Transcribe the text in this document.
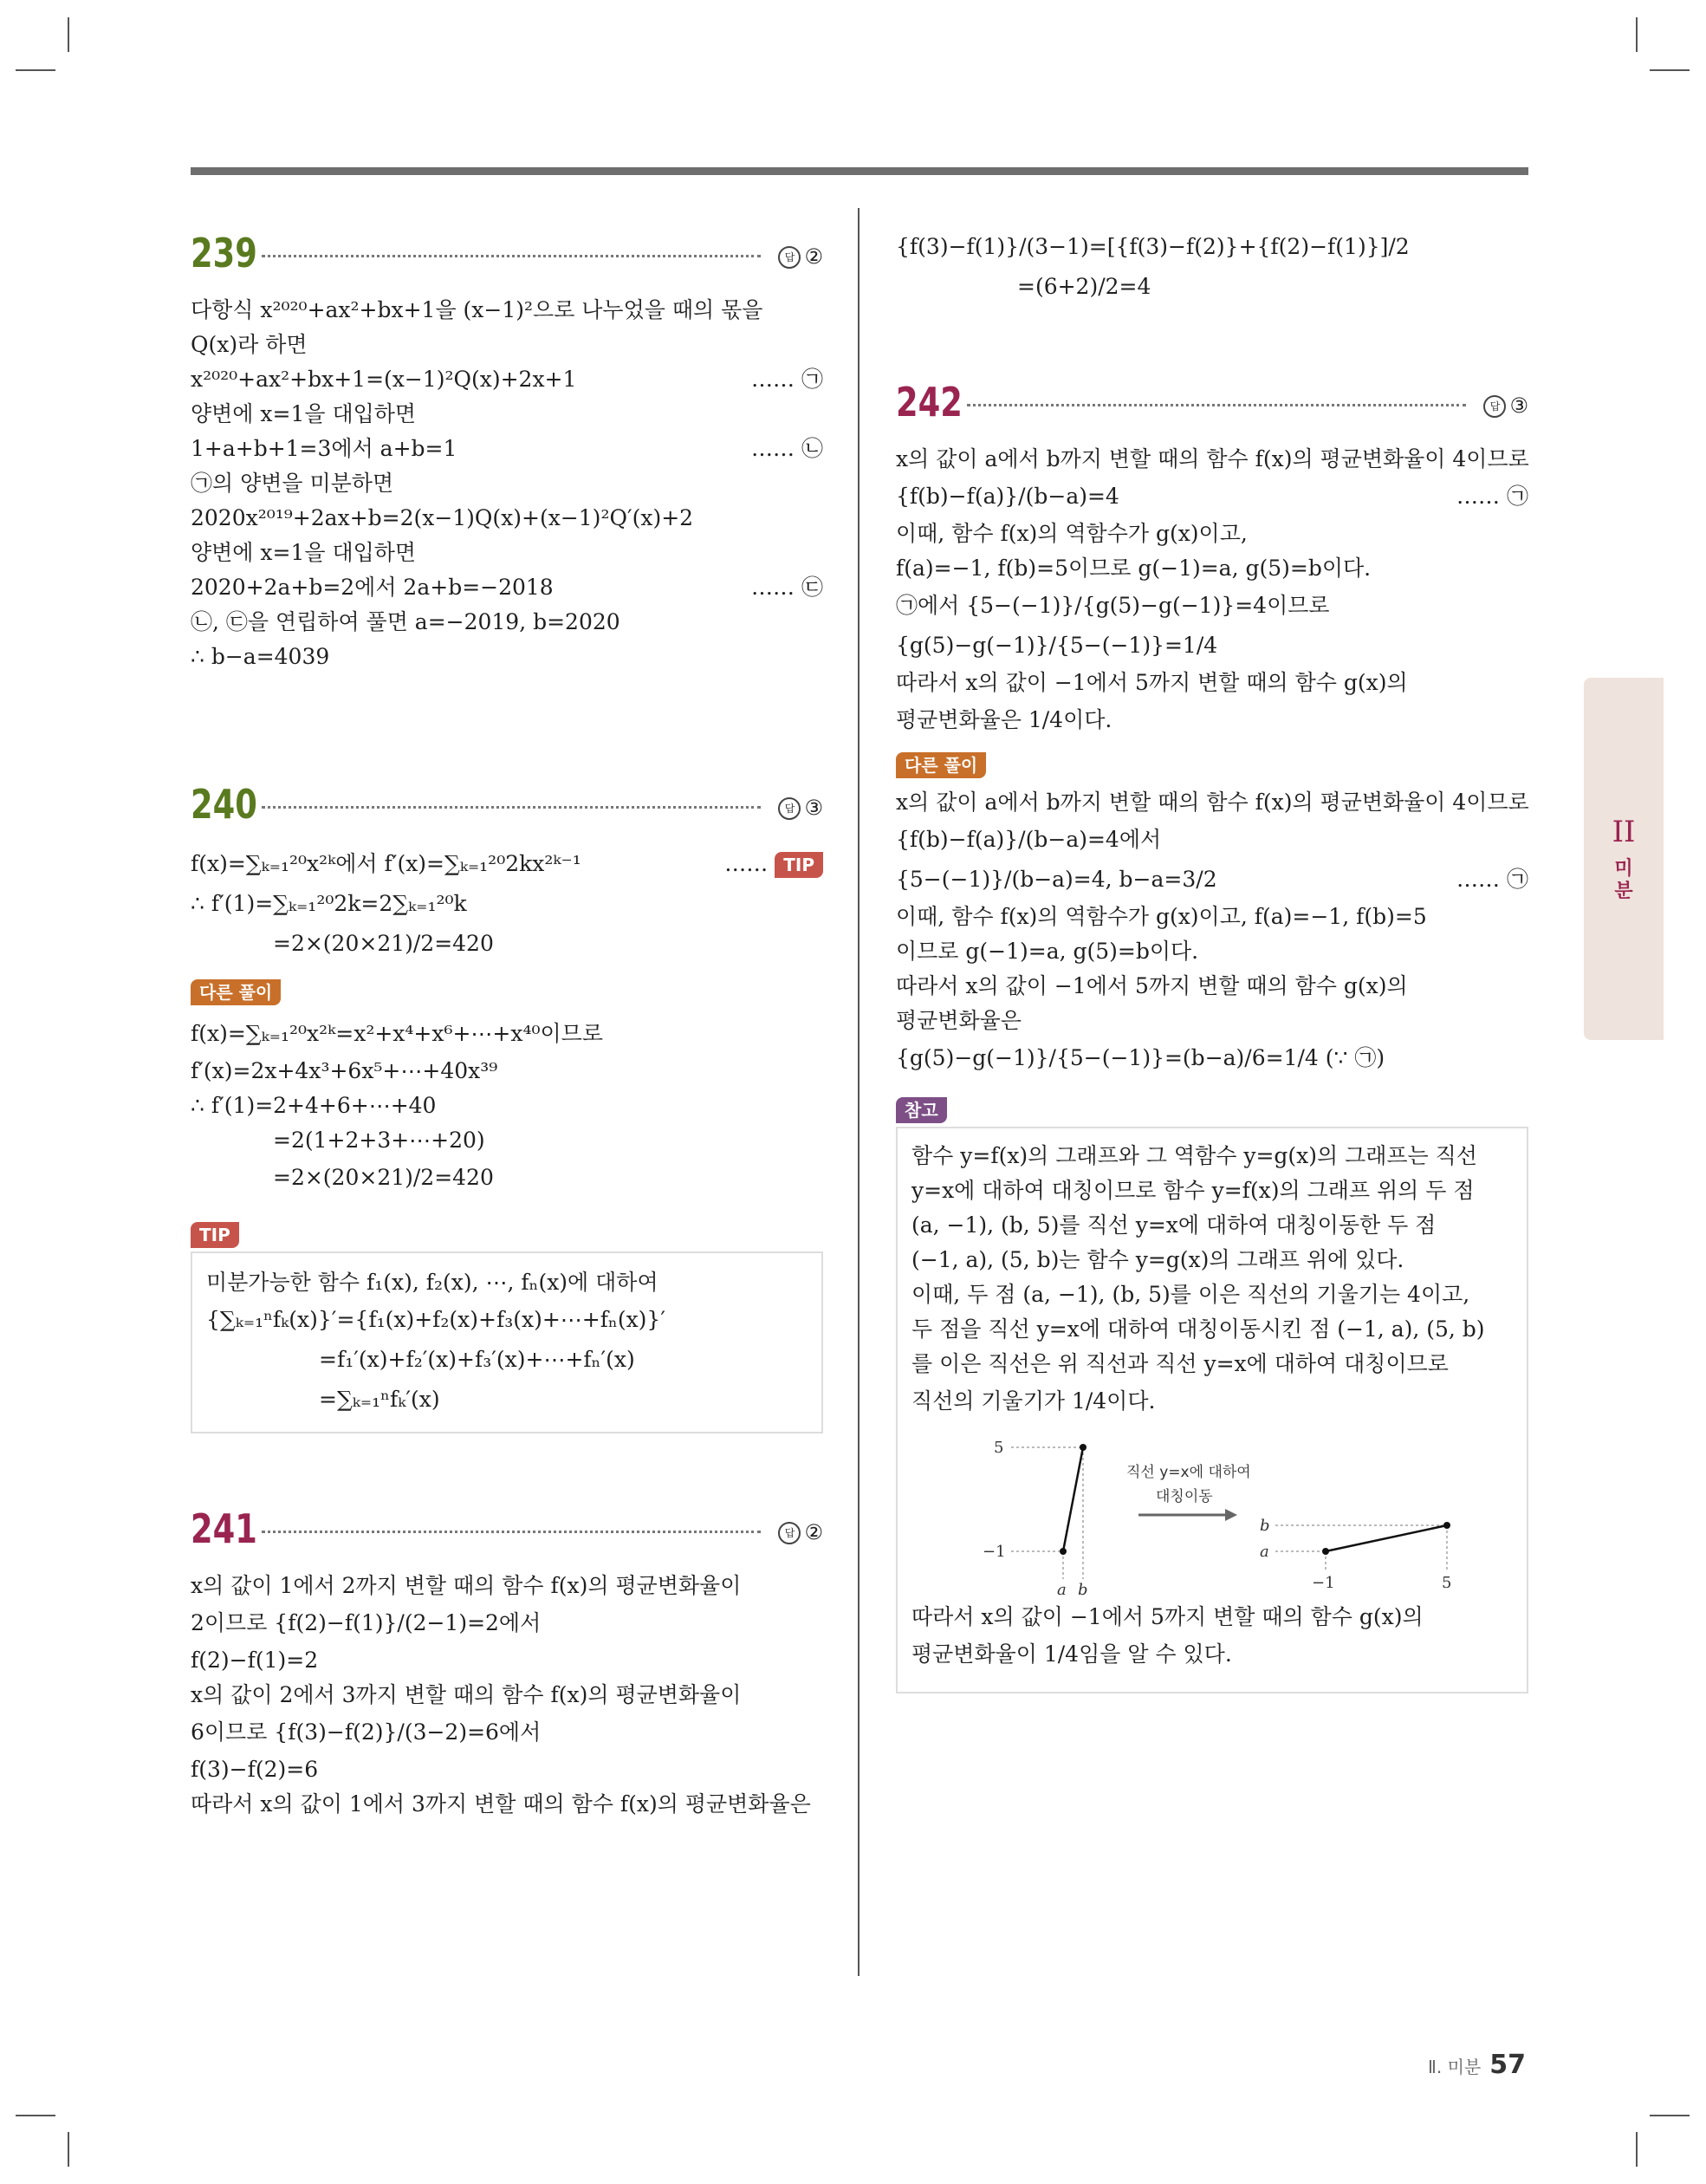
239	답 ②
다항식 x²⁰²⁰+ax²+bx+1을 (x−1)²으로 나누었을 때의 몫을
Q(x)라 하면
x²⁰²⁰+ax²+bx+1=(x−1)²Q(x)+2x+1	…… ㉠
양변에 x=1을 대입하면
1+a+b+1=3에서 a+b=1	…… ㉡
㉠의 양변을 미분하면
2020x²⁰¹⁹+2ax+b=2(x−1)Q(x)+(x−1)²Q′(x)+2
양변에 x=1을 대입하면
2020+2a+b=2에서 2a+b=−2018	…… ㉢
㉡, ㉢을 연립하여 풀면 a=−2019, b=2020
∴ b−a=4039
240	답 ③
f(x)=∑ₖ₌₁²⁰x²ᵏ에서 f′(x)=∑ₖ₌₁²⁰2kx²ᵏ⁻¹	…… TIP
∴ f′(1)=∑ₖ₌₁²⁰2k=2∑ₖ₌₁²⁰k
=2×(20×21)/2=420
다른 풀이
f(x)=∑ₖ₌₁²⁰x²ᵏ=x²+x⁴+x⁶+⋯+x⁴⁰이므로
f′(x)=2x+4x³+6x⁵+⋯+40x³⁹
∴ f′(1)=2+4+6+⋯+40
=2(1+2+3+⋯+20)
=2×(20×21)/2=420
TIP
미분가능한 함수 f₁(x), f₂(x), ⋯, fₙ(x)에 대하여
{∑ₖ₌₁ⁿfₖ(x)}′={f₁(x)+f₂(x)+f₃(x)+⋯+fₙ(x)}′
=f₁′(x)+f₂′(x)+f₃′(x)+⋯+fₙ′(x)
=∑ₖ₌₁ⁿfₖ′(x)
241	답 ②
x의 값이 1에서 2까지 변할 때의 함수 f(x)의 평균변화율이
2이므로 {f(2)−f(1)}/(2−1)=2에서
f(2)−f(1)=2
x의 값이 2에서 3까지 변할 때의 함수 f(x)의 평균변화율이
6이므로 {f(3)−f(2)}/(3−2)=6에서
f(3)−f(2)=6
따라서 x의 값이 1에서 3까지 변할 때의 함수 f(x)의 평균변화율은
{f(3)−f(1)}/(3−1)=[{f(3)−f(2)}+{f(2)−f(1)}]/2
=(6+2)/2=4
242	답 ③
x의 값이 a에서 b까지 변할 때의 함수 f(x)의 평균변화율이 4이므로
{f(b)−f(a)}/(b−a)=4	…… ㉠
이때, 함수 f(x)의 역함수가 g(x)이고,
f(a)=−1, f(b)=5이므로 g(−1)=a, g(5)=b이다.
㉠에서 {5−(−1)}/{g(5)−g(−1)}=4이므로
{g(5)−g(−1)}/{5−(−1)}=1/4
따라서 x의 값이 −1에서 5까지 변할 때의 함수 g(x)의
평균변화율은 1/4이다.
다른 풀이
x의 값이 a에서 b까지 변할 때의 함수 f(x)의 평균변화율이 4이므로
{f(b)−f(a)}/(b−a)=4에서
{5−(−1)}/(b−a)=4, b−a=3/2	…… ㉠
이때, 함수 f(x)의 역함수가 g(x)이고, f(a)=−1, f(b)=5
이므로 g(−1)=a, g(5)=b이다.
따라서 x의 값이 −1에서 5까지 변할 때의 함수 g(x)의
평균변화율은
{g(5)−g(−1)}/{5−(−1)}=(b−a)/6=1/4 (∵ ㉠)
참고
함수 y=f(x)의 그래프와 그 역함수 y=g(x)의 그래프는 직선
y=x에 대하여 대칭이므로 함수 y=f(x)의 그래프 위의 두 점
(a, −1), (b, 5)를 직선 y=x에 대하여 대칭이동한 두 점
(−1, a), (5, b)는 함수 y=g(x)의 그래프 위에 있다.
이때, 두 점 (a, −1), (b, 5)를 이은 직선의 기울기는 4이고,
두 점을 직선 y=x에 대하여 대칭이동시킨 점 (−1, a), (5, b)
를 이은 직선은 위 직선과 직선 y=x에 대하여 대칭이므로
직선의 기울기가 1/4이다.
5
−1
a b
직선 y=x에 대하여
대칭이동
b
a
−1	5
따라서 x의 값이 −1에서 5까지 변할 때의 함수 g(x)의
평균변화율이 1/4임을 알 수 있다.
II
미
분
Ⅱ. 미분 57
